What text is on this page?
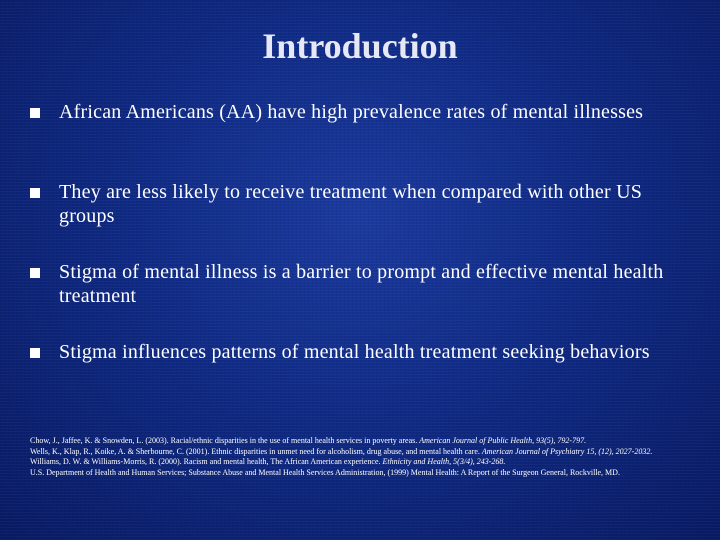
Introduction
African Americans (AA) have high prevalence rates of mental illnesses
They are less likely to receive treatment when compared with other US groups
Stigma of mental illness is a barrier to prompt and effective mental health treatment
Stigma influences patterns of mental health treatment seeking behaviors

Chow, J., Jaffee, K. & Snowden, L. (2003). Racial/ethnic disparities in the use of mental health services in poverty areas. American Journal of Public Health, 93(5), 792-797.

Wells, K., Klap, R., Koike, A. & Sherbourne, C. (2001). Ethnic disparities in unmet need for alcoholism, drug abuse, and mental health care. American Journal of Psychiatry 15, (12), 2027-2032.

Williams, D. W. & Williams-Morris, R. (2000). Racism and mental health, The African American experience. Ethnicity and Health, 5(3/4), 243-268.

U.S. Department of Health and Human Services; Substance Abuse and Mental Health Services Administration, (1999) Mental Health: A Report of the Surgeon General, Rockville, MD.
